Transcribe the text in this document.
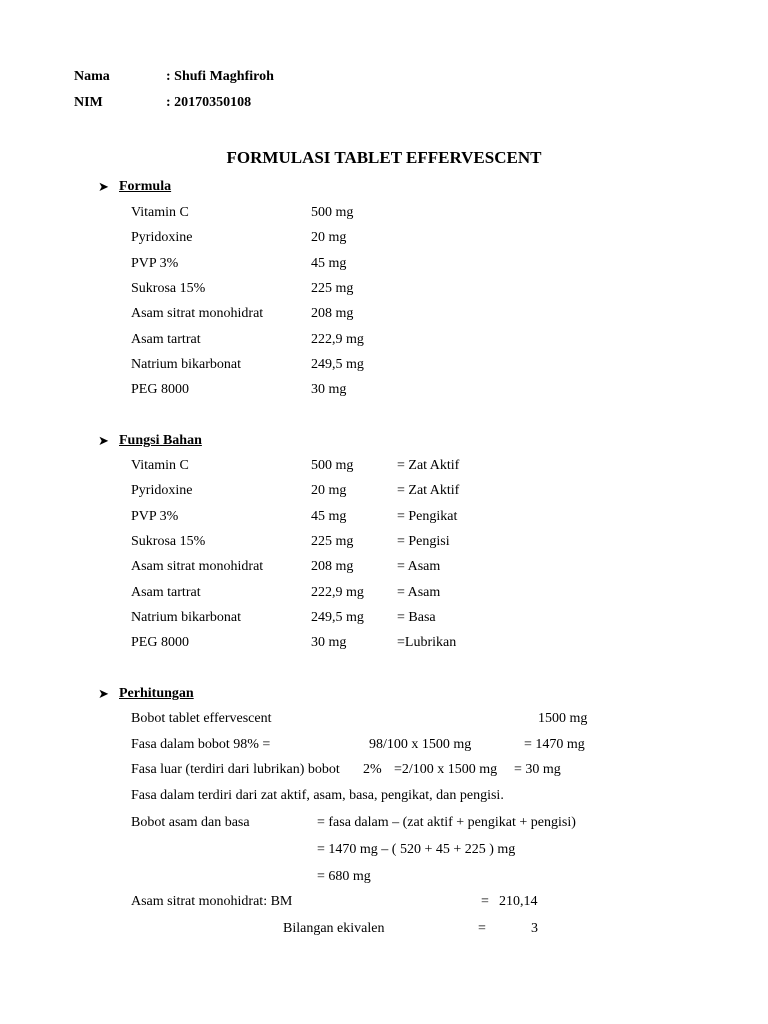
Nama	: Shufi Maghfiroh
NIM	: 20170350108
FORMULASI TABLET EFFERVESCENT
➤ Formula
Vitamin C	500 mg
Pyridoxine	20 mg
PVP 3%	45 mg
Sukrosa 15%	225 mg
Asam sitrat monohidrat	208 mg
Asam tartrat	222,9 mg
Natrium bikarbonat	249,5 mg
PEG 8000	30 mg
➤ Fungsi Bahan
Vitamin C	500 mg	= Zat Aktif
Pyridoxine	20 mg	= Zat Aktif
PVP 3%	45 mg	= Pengikat
Sukrosa 15%	225 mg	= Pengisi
Asam sitrat monohidrat	208 mg	= Asam
Asam tartrat	222,9 mg = Asam
Natrium bikarbonat	249,5 mg = Basa
PEG 8000	30 mg	=Lubrikan
➤ Perhitungan
Bobot tablet effervescent	1500 mg
Fasa dalam bobot 98% =	98/100 x 1500 mg	= 1470 mg
Fasa luar (terdiri dari lubrikan) bobot 2% =2/100 x 1500 mg = 30 mg
Fasa dalam terdiri dari zat aktif, asam, basa, pengikat, dan pengisi.
Bobot asam dan basa	= fasa dalam – (zat aktif + pengikat + pengisi)
= 1470 mg – ( 520 + 45 + 225 ) mg
= 680 mg
Asam sitrat monohidrat: BM	= 210,14
Bilangan ekivalen	=	3
